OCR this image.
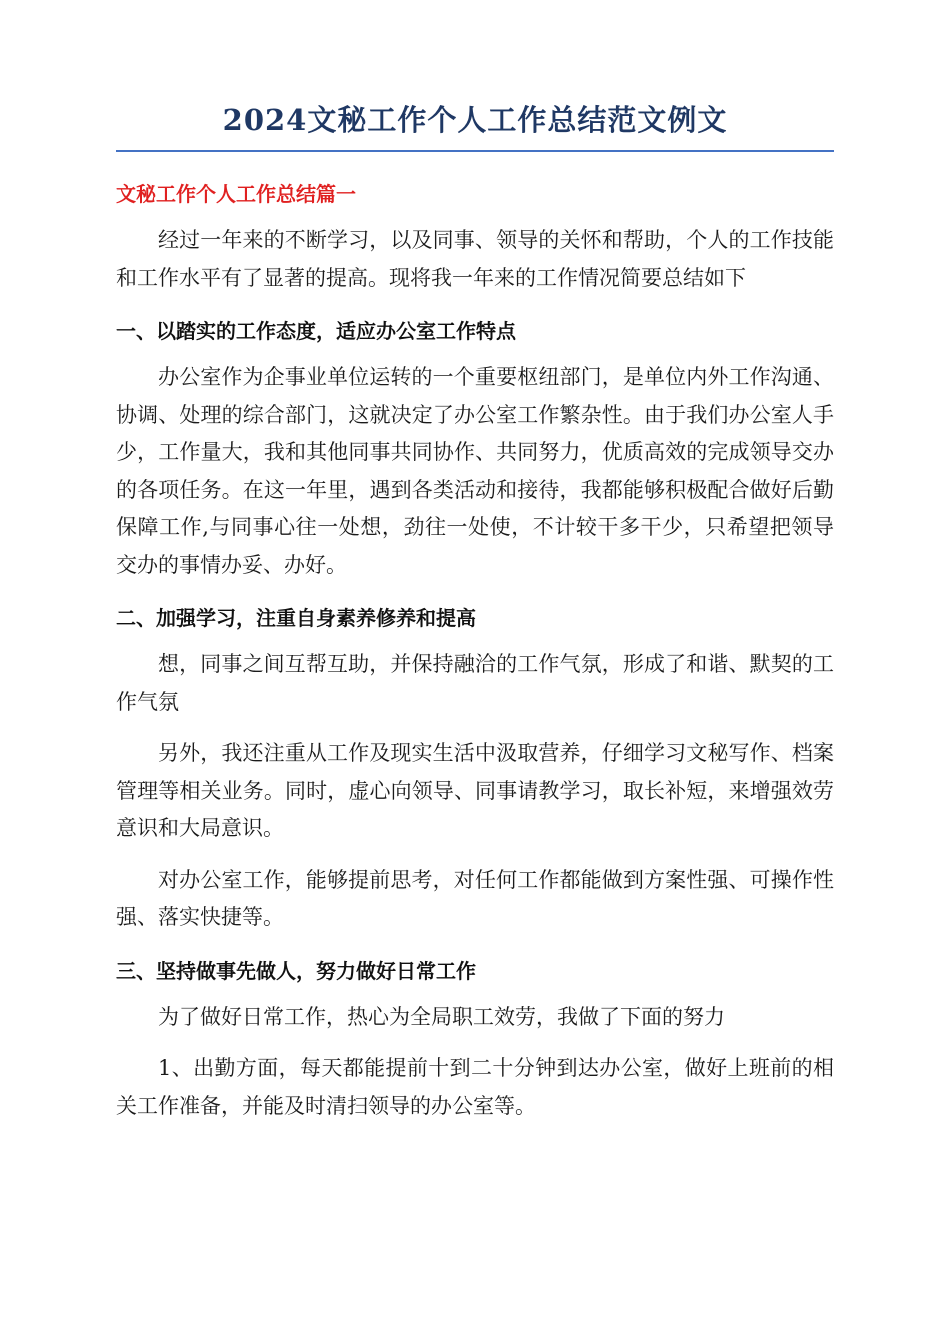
2024文秘工作个人工作总结范文例文
文秘工作个人工作总结篇一

经过一年来的不断学习，以及同事、领导的关怀和帮助，个人的工作技能和工作水平有了显著的提高。现将我一年来的工作情况简要总结如下

一、以踏实的工作态度，适应办公室工作特点

办公室作为企事业单位运转的一个重要枢纽部门，是单位内外工作沟通、协调、处理的综合部门，这就决定了办公室工作繁杂性。由于我们办公室人手少，工作量大，我和其他同事共同协作、共同努力，优质高效的完成领导交办的各项任务。在这一年里，遇到各类活动和接待，我都能够积极配合做好后勤保障工作,与同事心往一处想，劲往一处使，不计较干多干少，只希望把领导交办的事情办妥、办好。

二、加强学习，注重自身素养修养和提高

想，同事之间互帮互助，并保持融洽的工作气氛，形成了和谐、默契的工作气氛

另外，我还注重从工作及现实生活中汲取营养，仔细学习文秘写作、档案管理等相关业务。同时，虚心向领导、同事请教学习，取长补短，来增强效劳意识和大局意识。

对办公室工作，能够提前思考，对任何工作都能做到方案性强、可操作性强、落实快捷等。

三、坚持做事先做人，努力做好日常工作

为了做好日常工作，热心为全局职工效劳，我做了下面的努力

1、出勤方面，每天都能提前十到二十分钟到达办公室，做好上班前的相关工作准备，并能及时清扫领导的办公室等。
